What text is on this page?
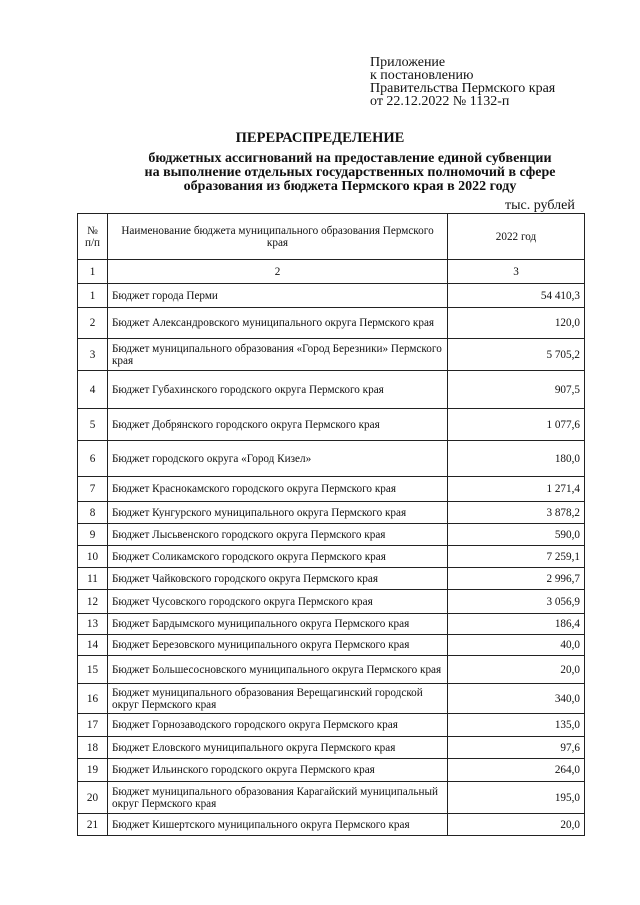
Приложение
к постановлению
Правительства Пермского края
от 22.12.2022 № 1132-п
ПЕРЕРАСПРЕДЕЛЕНИЕ
бюджетных ассигнований на предоставление единой субвенции
на выполнение отдельных государственных полномочий в сфере
образования из бюджета Пермского края в 2022 году
тыс. рублей
№ п/п	Наименование бюджета муниципального образования Пермского края	2022 год
1	2	3
1	Бюджет города Перми	54 410,3
2	Бюджет Александровского муниципального округа Пермского края	120,0
3	Бюджет муниципального образования «Город Березники» Пермского края	5 705,2
4	Бюджет Губахинского городского округа Пермского края	907,5
5	Бюджет Добрянского городского округа Пермского края	1 077,6
6	Бюджет городского округа «Город Кизел»	180,0
7	Бюджет Краснокамского городского округа Пермского края	1 271,4
8	Бюджет Кунгурского муниципального округа Пермского края	3 878,2
9	Бюджет Лысьвенского городского округа Пермского края	590,0
10	Бюджет Соликамского городского округа Пермского края	7 259,1
11	Бюджет Чайковского городского округа Пермского края	2 996,7
12	Бюджет Чусовского городского округа Пермского края	3 056,9
13	Бюджет Бардымского муниципального округа Пермского края	186,4
14	Бюджет Березовского муниципального округа Пермского края	40,0
15	Бюджет Большесосновского муниципального округа Пермского края	20,0
16	Бюджет муниципального образования Верещагинский городской округ Пермского края	340,0
17	Бюджет Горнозаводского городского округа Пермского края	135,0
18	Бюджет Еловского муниципального округа Пермского края	97,6
19	Бюджет Ильинского городского округа Пермского края	264,0
20	Бюджет муниципального образования Карагайский муниципальный округ Пермского края	195,0
21	Бюджет Кишертского муниципального округа Пермского края	20,0
